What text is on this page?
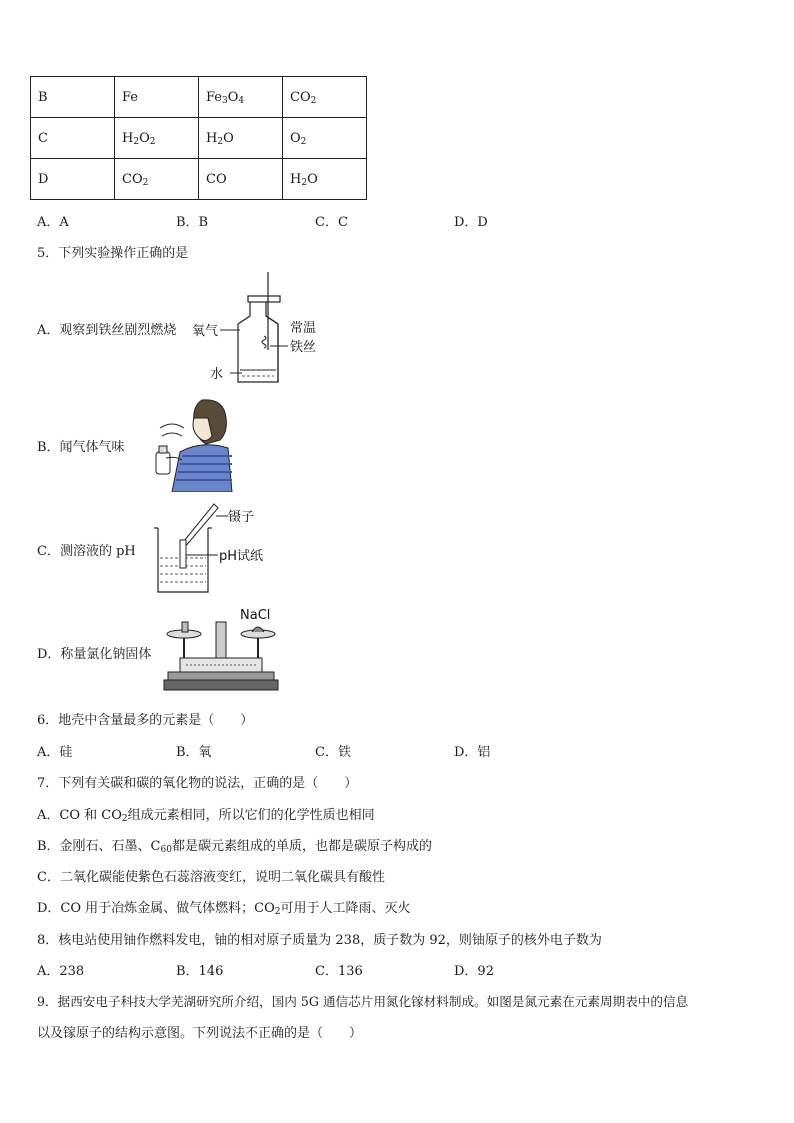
B	Fe	$Fe_3O_4$	$CO_2$
C	$H_2O_2$	$H_2O$	$O_2$
D	$CO_2$	CO	$H_2O$
A．A	B．B	C．C	D．D
5．下列实验操作正确的是
A．观察到铁丝剧烈燃烧 氧气	常温
铁丝
水
B．闻气体气味
C．测溶液的 pH
镊子
pH试纸
D．称量氯化钠固体
NaCl
6．地壳中含量最多的元素是（　　）
A．硅	B．氧	C．铁	D．铝
7．下列有关碳和碳的氧化物的说法，正确的是（　　）
A．CO 和 $CO_2$组成元素相同，所以它们的化学性质也相同
B．金刚石、石墨、$C_{60}$都是碳元素组成的单质，也都是碳原子构成的
C．二氧化碳能使紫色石蕊溶液变红，说明二氧化碳具有酸性
D．CO 用于冶炼金属、做气体燃料；$CO_2$可用于人工降雨、灭火
8．核电站使用铀作燃料发电，铀的相对原子质量为 238，质子数为 92，则铀原子的核外电子数为
A．238	B．146	C．136	D．92
9．据西安电子科技大学芜湖研究所介绍，国内 5G 通信芯片用氮化镓材料制成。如图是氮元素在元素周期表中的信息
以及镓原子的结构示意图。下列说法不正确的是（　　）
